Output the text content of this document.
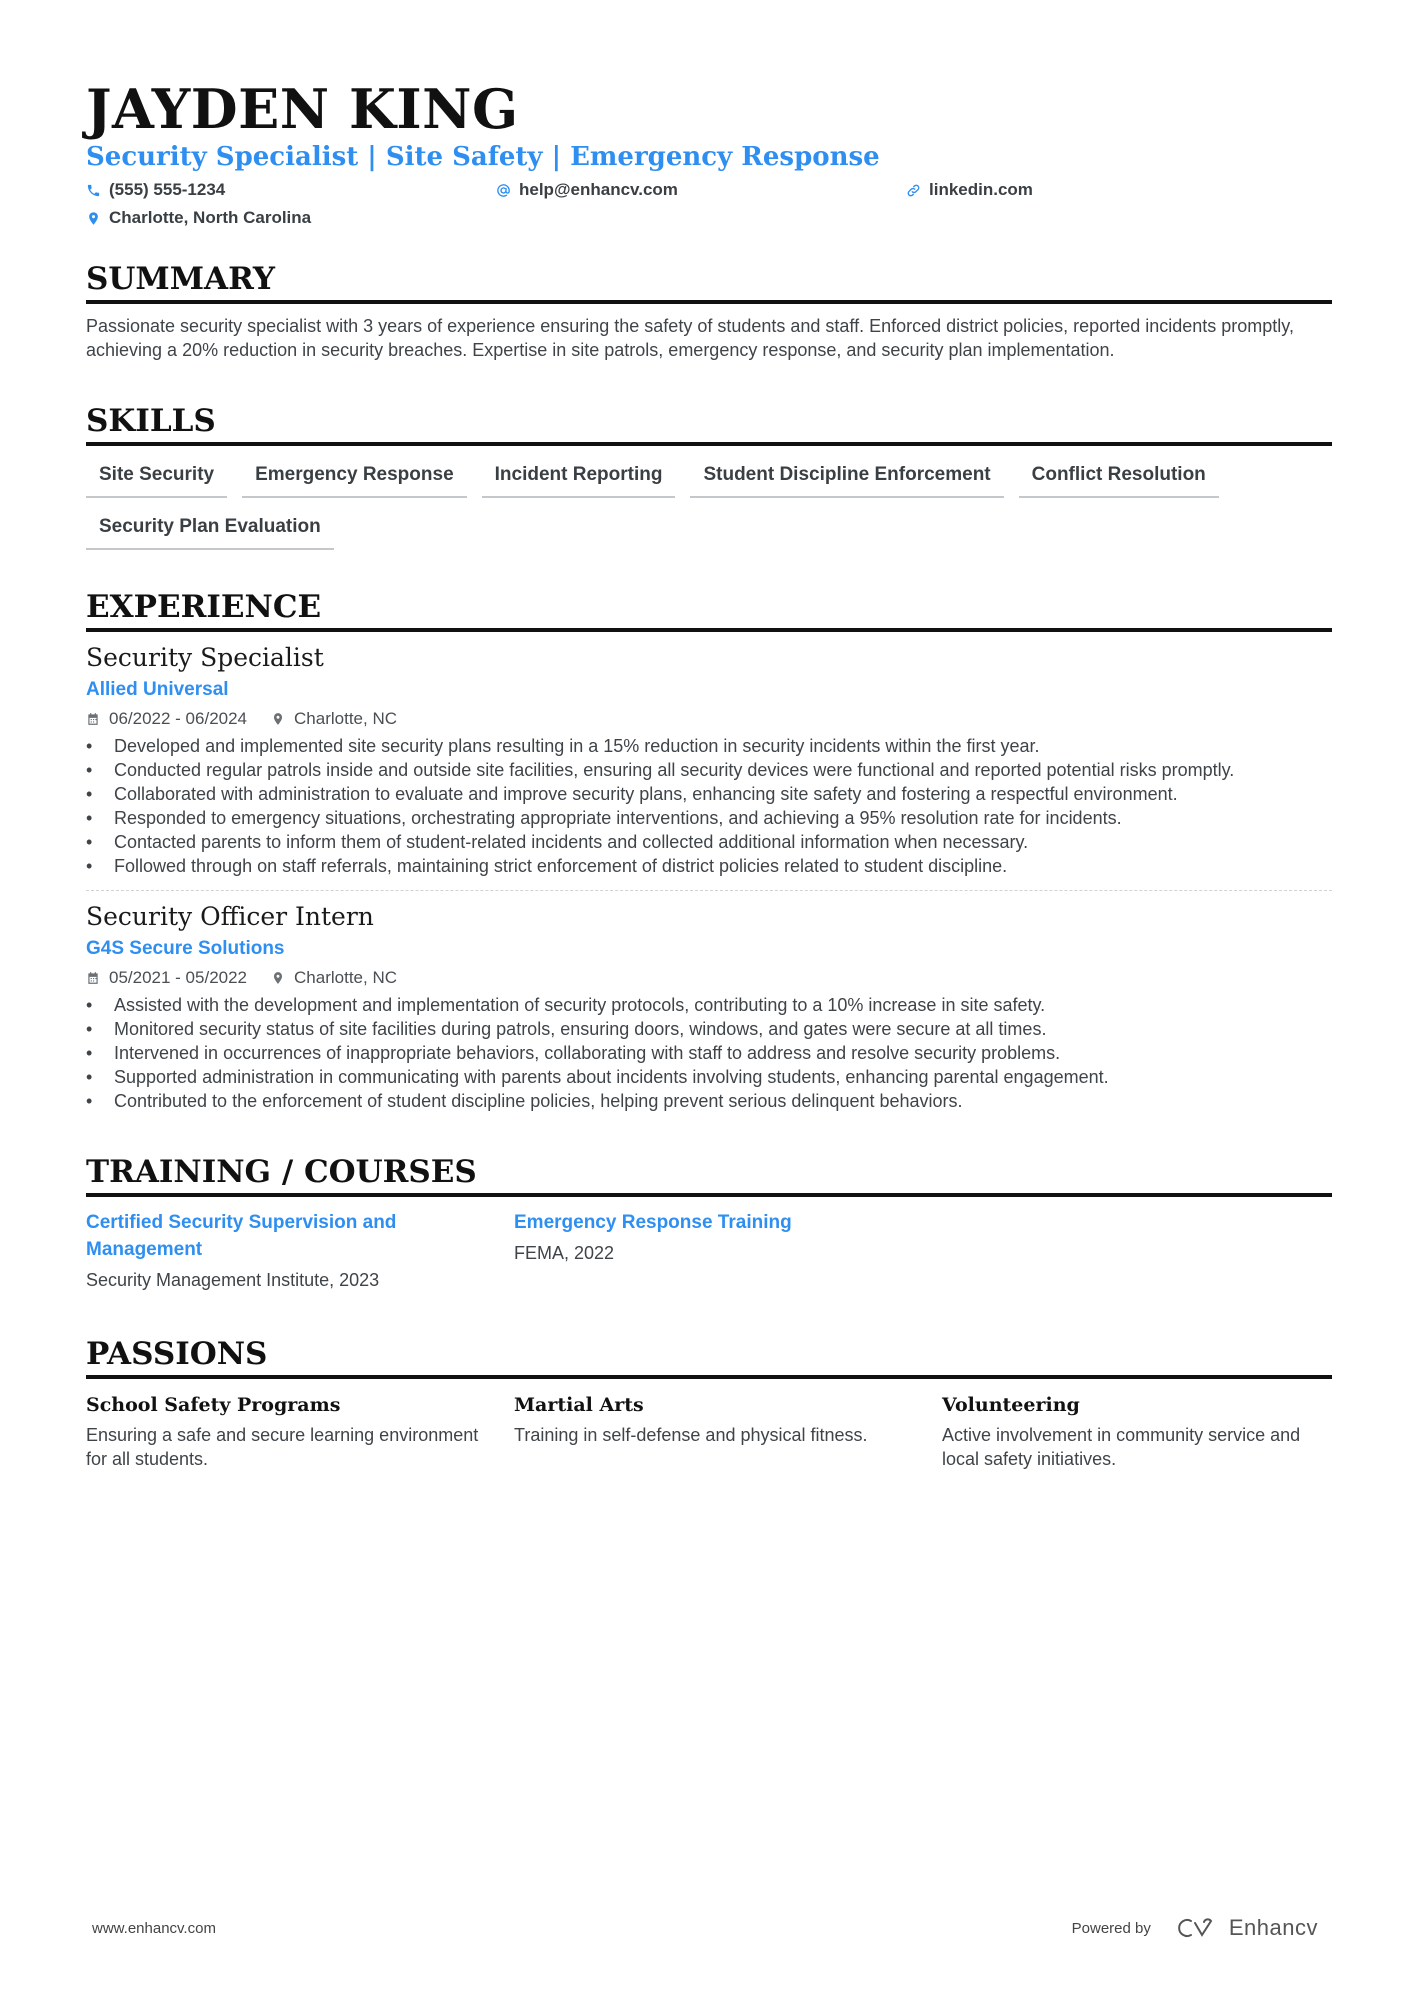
JAYDEN KING
Security Specialist | Site Safety | Emergency Response
(555) 555-1234	help@enhancv.com	linkedin.com
Charlotte, North Carolina
SUMMARY

Passionate security specialist with 3 years of experience ensuring the safety of students and staff. Enforced district policies, reported incidents promptly, achieving a 20% reduction in security breaches. Expertise in site patrols, emergency response, and security plan implementation.

SKILLS
Site Security	Emergency Response	Incident Reporting	Student Discipline Enforcement	Conflict Resolution
Security Plan Evaluation
EXPERIENCE
Security Specialist
Allied Universal
06/2022 - 06/2024	Charlotte, NC
• Developed and implemented site security plans resulting in a 15% reduction in security incidents within the first year.
• Conducted regular patrols inside and outside site facilities, ensuring all security devices were functional and reported potential risks promptly.
• Collaborated with administration to evaluate and improve security plans, enhancing site safety and fostering a respectful environment.
• Responded to emergency situations, orchestrating appropriate interventions, and achieving a 95% resolution rate for incidents.
• Contacted parents to inform them of student-related incidents and collected additional information when necessary.
• Followed through on staff referrals, maintaining strict enforcement of district policies related to student discipline.
Security Officer Intern
G4S Secure Solutions
05/2021 - 05/2022	Charlotte, NC
• Assisted with the development and implementation of security protocols, contributing to a 10% increase in site safety.
• Monitored security status of site facilities during patrols, ensuring doors, windows, and gates were secure at all times.
• Intervened in occurrences of inappropriate behaviors, collaborating with staff to address and resolve security problems.
• Supported administration in communicating with parents about incidents involving students, enhancing parental engagement.
• Contributed to the enforcement of student discipline policies, helping prevent serious delinquent behaviors.
TRAINING / COURSES
Certified Security Supervision and Management
Security Management Institute, 2023
Emergency Response Training
FEMA, 2022
PASSIONS
School Safety Programs
Ensuring a safe and secure learning environment for all students.
Martial Arts
Training in self-defense and physical fitness.
Volunteering
Active involvement in community service and local safety initiatives.
www.enhancv.com	Powered by	Enhancv
